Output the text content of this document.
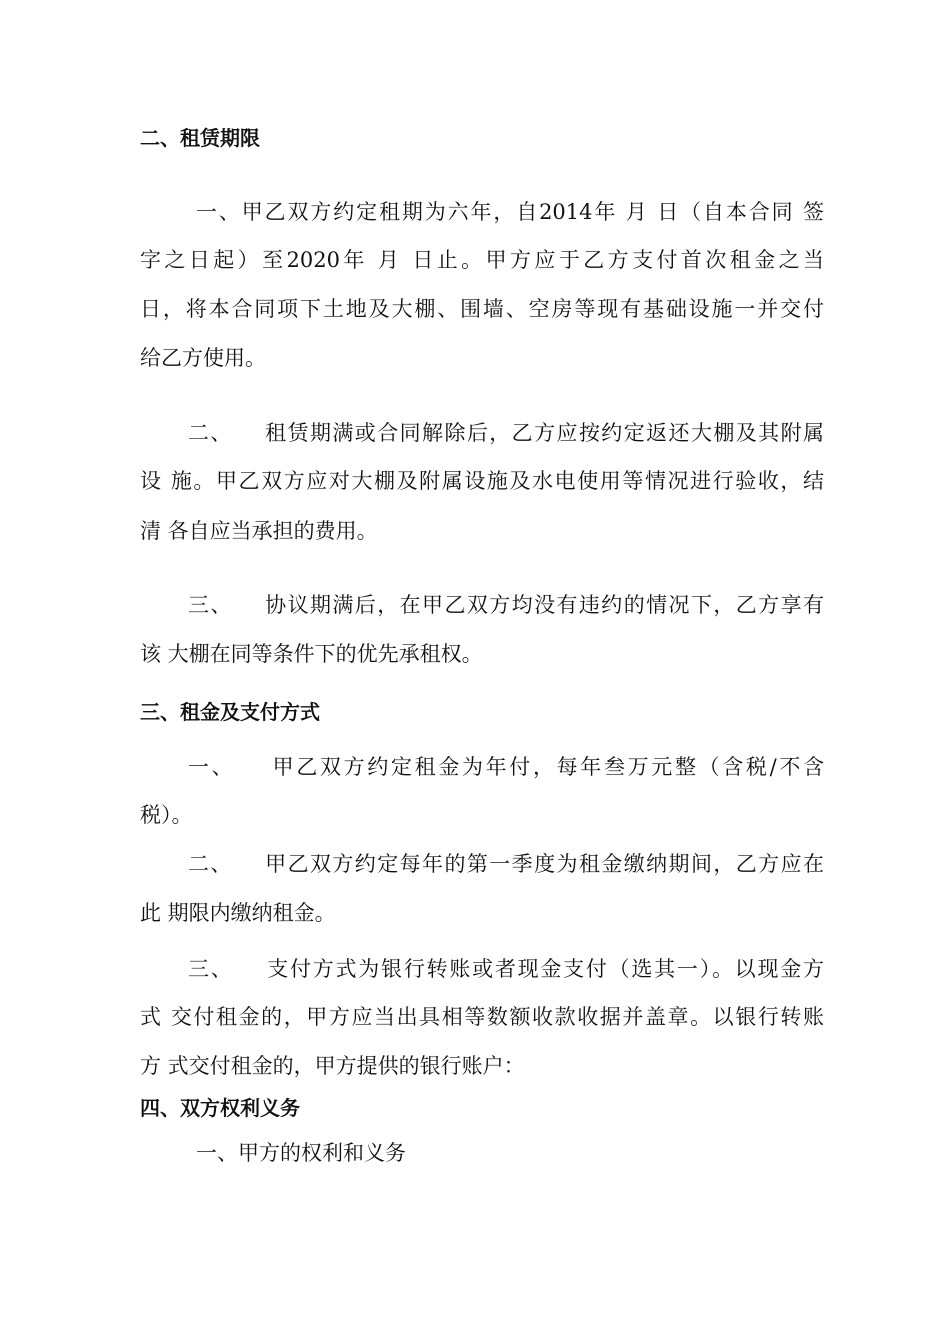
二、租赁期限
一、甲乙双方约定租期为六年，自2014年 月 日（自本合同 签
字之日起）至2020年 月 日止。甲方应于乙方支付首次租金之当
日，将本合同项下土地及大棚、围墙、空房等现有基础设施一并交付
给乙方使用。
二、    租赁期满或合同解除后，乙方应按约定返还大棚及其附属
设 施。甲乙双方应对大棚及附属设施及水电使用等情况进行验收，结
清 各自应当承担的费用。
三、    协议期满后，在甲乙双方均没有违约的情况下，乙方享有
该 大棚在同等条件下的优先承租权。
三、租金及支付方式
一、    甲乙双方约定租金为年付，每年叁万元整（含税/不含
税）。
二、    甲乙双方约定每年的第一季度为租金缴纳期间，乙方应在
此 期限内缴纳租金。
三、    支付方式为银行转账或者现金支付（选其一）。以现金方
式 交付租金的，甲方应当出具相等数额收款收据并盖章。以银行转账
方 式交付租金的，甲方提供的银行账户：
四、双方权利义务
一、甲方的权利和义务
